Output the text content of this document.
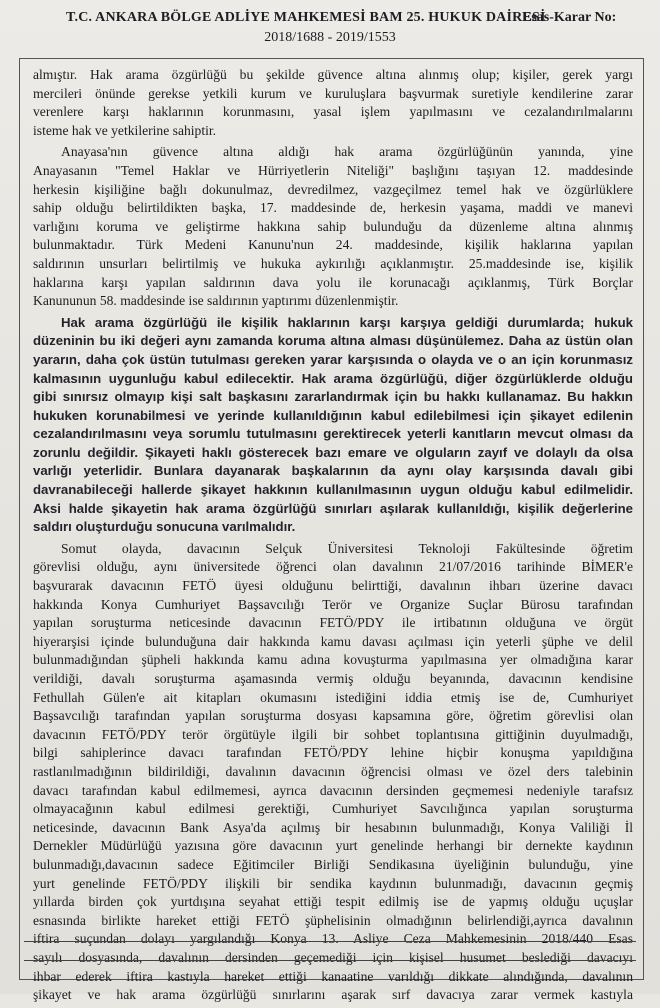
T.C. ANKARA BÖLGE ADLİYE MAHKEMESİ BAM 25. HUKUK DAİRESİ
Esas-Karar No:
2018/1688 - 2019/1553
almıştır. Hak arama özgürlüğü bu şekilde güvence altına alınmış olup; kişiler, gerek yargı
mercileri önünde gerekse yetkili kurum ve kuruluşlara başvurmak suretiyle kendilerine zarar
verenlere karşı haklarının korunmasını, yasal işlem yapılmasını ve cezalandırılmalarını
isteme hak ve yetkilerine sahiptir.
Anayasa'nın güvence altına aldığı hak arama özgürlüğünün yanında, yine
Anayasanın "Temel Haklar ve Hürriyetlerin Niteliği" başlığını taşıyan 12. maddesinde
herkesin kişiliğine bağlı dokunulmaz, devredilmez, vazgeçilmez temel hak ve özgürlüklere
sahip olduğu belirtildikten başka, 17. maddesinde de, herkesin yaşama, maddi ve manevi
varlığını koruma ve geliştirme hakkına sahip bulunduğu da düzenleme altına alınmış
bulunmaktadır. Türk Medeni Kanunu'nun 24. maddesinde, kişilik haklarına yapılan
saldırının unsurları belirtilmiş ve hukuka aykırılığı açıklanmıştır. 25.maddesinde ise, kişilik
haklarına karşı yapılan saldırının dava yolu ile korunacağı açıklanmış, Türk Borçlar
Kanununun 58. maddesinde ise saldırının yaptırımı düzenlenmiştir.
Hak arama özgürlüğü ile kişilik haklarının karşı karşıya geldiği durumlarda; hukuk
düzeninin bu iki değeri aynı zamanda koruma altına alması düşünülemez. Daha az üstün olan
yararın, daha çok üstün tutulması gereken yarar karşısında o olayda ve o an için korunmasız
kalmasının uygunluğu kabul edilecektir. Hak arama özgürlüğü, diğer özgürlüklerde olduğu
gibi sınırsız olmayıp kişi salt başkasını zararlandırmak için bu hakkı kullanamaz. Bu hakkın
hukuken korunabilmesi ve yerinde kullanıldığının kabul edilebilmesi için şikayet edilenin
cezalandırılmasını veya sorumlu tutulmasını gerektirecek yeterli kanıtların mevcut olması da
zorunlu değildir. Şikayeti haklı gösterecek bazı emare ve olguların zayıf ve dolaylı da olsa
varlığı yeterlidir. Bunlara dayanarak başkalarının da aynı olay karşısında davalı gibi
davranabileceği hallerde şikayet hakkının kullanılmasının uygun olduğu kabul edilmelidir.
Aksi halde şikayetin hak arama özgürlüğü sınırları aşılarak kullanıldığı, kişilik değerlerine
saldırı oluşturduğu sonucuna varılmalıdır.
Somut olayda, davacının Selçuk Üniversitesi Teknoloji Fakültesinde öğretim
görevlisi olduğu, aynı üniversitede öğrenci olan davalının 21/07/2016 tarihinde BİMER'e
başvurarak davacının FETÖ üyesi olduğunu belirttiği, davalının ihbarı üzerine davacı
hakkında Konya Cumhuriyet Başsavcılığı Terör ve Organize Suçlar Bürosu tarafından
yapılan soruşturma neticesinde davacının FETÖ/PDY ile irtibatının olduğuna ve örgüt
hiyerarşisi içinde bulunduğuna dair hakkında kamu davası açılması için yeterli şüphe ve delil
bulunmadığından şüpheli hakkında kamu adına kovuşturma yapılmasına yer olmadığına karar
verildiği, davalı soruşturma aşamasında vermiş olduğu beyanında, davacının kendisine
Fethullah Gülen'e ait kitapları okumasını istediğini iddia etmiş ise de, Cumhuriyet
Başsavcılığı tarafından yapılan soruşturma dosyası kapsamına göre, öğretim görevlisi olan
davacının FETÖ/PDY terör örgütüyle ilgili bir sohbet toplantısına gittiğinin duyulmadığı,
bilgi sahiplerince davacı tarafından FETÖ/PDY lehine hiçbir konuşma yapıldığına
rastlanılmadığının bildirildiği, davalının davacının öğrencisi olması ve özel ders talebinin
davacı tarafından kabul edilmemesi, ayrıca davacının dersinden geçmemesi nedeniyle tarafsız
olmayacağının kabul edilmesi gerektiği, Cumhuriyet Savcılığınca yapılan soruşturma
neticesinde, davacının Bank Asya'da açılmış bir hesabının bulunmadığı, Konya Valiliği İl
Dernekler Müdürlüğü yazısına göre davacının yurt genelinde herhangi bir dernekte kaydının
bulunmadığı,davacının sadece Eğitimciler Birliği Sendikasına üyeliğinin bulunduğu, yine
yurt genelinde FETÖ/PDY ilişkili bir sendika kaydının bulunmadığı, davacının geçmiş
yıllarda birden çok yurtdışına seyahat ettiği tespit edilmiş ise de yapmış olduğu uçuşlar
esnasında birlikte hareket ettiği FETÖ şüphelisinin olmadığının belirlendiği,ayrıca davalının
iftira suçundan dolayı yargılandığı Konya 13. Asliye Ceza Mahkemesinin 2018/440 Esas
sayılı dosyasında, davalının dersinden geçemediği için kişisel husumet beslediği davacıyı
ihbar ederek iftira kastıyla hareket ettiği kanaatine varıldığı dikkate alındığında, davalının
şikayet ve hak arama özgürlüğü sınırlarını aşarak sırf davacıya zarar vermek kastıyla
